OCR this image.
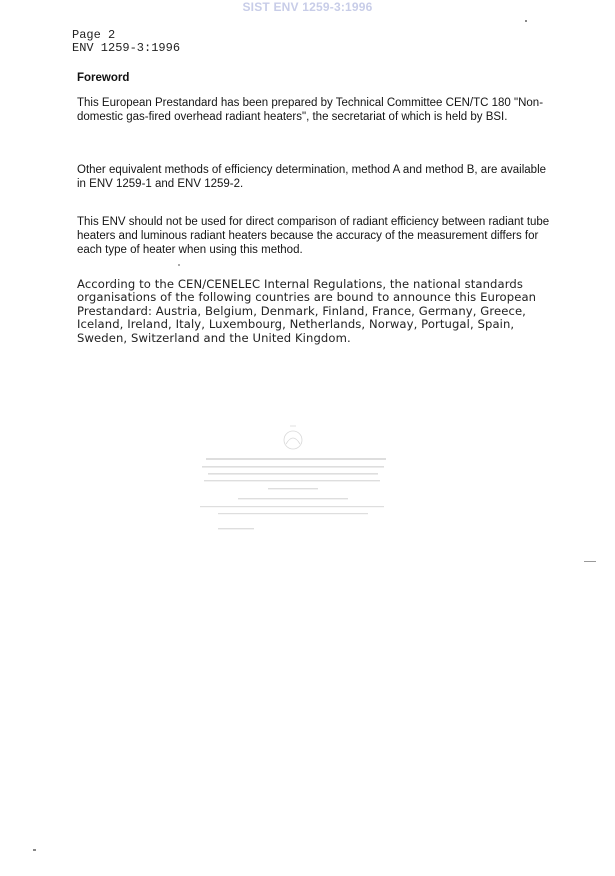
SIST ENV 1259-3:1996
Page 2
ENV 1259-3:1996
Foreword
This European Prestandard has been prepared by Technical Committee CEN/TC 180 "Non-domestic gas-fired overhead radiant heaters", the secretariat of which is held by BSI.
Other equivalent methods of efficiency determination, method A and method B, are available in ENV 1259-1 and ENV 1259-2.
This ENV should not be used for direct comparison of radiant efficiency between radiant tube heaters and luminous radiant heaters because the accuracy of the measurement differs for each type of heater when using this method.
According to the CEN/CENELEC Internal Regulations, the national standards organisations of the following countries are bound to announce this European Prestandard: Austria, Belgium, Denmark, Finland, France, Germany, Greece, Iceland, Ireland, Italy, Luxembourg, Netherlands, Norway, Portugal, Spain, Sweden, Switzerland and the United Kingdom.
